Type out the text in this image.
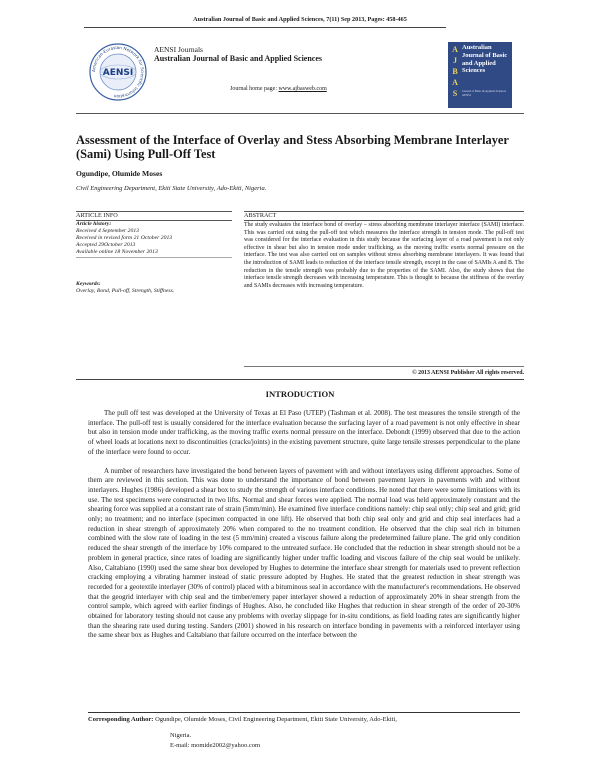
Australian Journal of Basic and Applied Sciences, 7(11) Sep 2013, Pages: 458-465
American-Eurasian Network for Scientific Information
AENSI
AENSI Journals
Australian Journal of Basic and Applied Sciences
Journal home page: www.ajbasweb.com
A
J
B
A
S
Australian Journal of Basic and Applied Sciences
Journal of Basic & Applied Sciences
AENSI
Assessment of the Interface of Overlay and Stess Absorbing Membrane Interlayer (Sami) Using Pull-Off Test
Ogundipe, Olumide Moses
Civil Engineering Department, Ekiti State University, Ado-Ekiti, Nigeria.
ARTICLE INFO	ABSTRACT
Article history:
Received 4 September 2013
Received in revised form 21 October 2013
Accepted 29October 2013
Available online 18 November 2013
Keywords:
Overlay, Bond, Pull-off, Strength, Stiffness.
The study evaluates the interface bond of overlay – stress absorbing membrane interlayer interface (SAMI) interface. This was carried out using the pull-off test which measures the interface strength in tension mode. The pull-off test was considered for the interface evaluation in this study because the surfacing layer of a road pavement is not only effective in shear but also in tension mode under trafficking, as the moving traffic exerts normal pressure on the interface. The test was also carried out on samples without stress absorbing membrane interlayers. It was found that the introduction of SAMI leads to reduction of the interface tensile strength, except in the case of SAMIs A and B. The reduction in the tensile strength was probably due to the properties of the SAMI. Also, the study shows that the interface tensile strength decreases with increasing temperature. This is thought to because the stiffness of the overlay and SAMIs decreases with increasing temperature.
© 2013 AENSI Publisher All rights reserved.
INTRODUCTION

The pull off test was developed at the University of Texas at El Paso (UTEP) (Tashman et al. 2008). The test measures the tensile strength of the interface. The pull-off test is usually considered for the interface evaluation because the surfacing layer of a road pavement is not only effective in shear but also in tension mode under trafficking, as the moving traffic exerts normal pressure on the interface. Debondt (1999) observed that due to the action of wheel loads at locations next to discontinuities (cracks/joints) in the existing pavement structure, quite large tensile stresses perpendicular to the plane of the interface were found to occur.

A number of researchers have investigated the bond between layers of pavement with and without interlayers using different approaches. Some of them are reviewed in this section. This was done to understand the importance of bond between pavement layers in pavements with and without interlayers. Hughes (1986) developed a shear box to study the strength of various interface conditions. He noted that there were some limitations with its use. The test specimens were constructed in two lifts. Normal and shear forces were applied. The normal load was held approximately constant and the shearing force was supplied at a constant rate of strain (5mm/min). He examined five interface conditions namely: chip seal only; chip seal and grid; grid only; no treatment; and no interface (specimen compacted in one lift). He observed that both chip seal only and grid and chip seal interfaces had a reduction in shear strength of approximately 20% when compared to the no treatment condition. He observed that the chip seal rich in bitumen combined with the slow rate of loading in the test (5 mm/min) created a viscous failure along the predetermined failure plane. The grid only condition reduced the shear strength of the interface by 10% compared to the untreated surface. He concluded that the reduction in shear strength should not be a problem in general practice, since rates of loading are significantly higher under traffic loading and viscous failure of the chip seal would be unlikely. Also, Caltabiano (1990) used the same shear box developed by Hughes to determine the interface shear strength for materials used to prevent reflection cracking employing a vibrating hammer instead of static pressure adopted by Hughes. He stated that the greatest reduction in shear strength was recorded for a geotextile interlayer (30% of control) placed with a bituminous seal in accordance with the manufacturer's recommendations. He observed that the geogrid interlayer with chip seal and the timber/emery paper interlayer showed a reduction of approximately 20% in shear strength from the control sample, which agreed with earlier findings of Hughes. Also, he concluded like Hughes that reduction in shear strength of the order of 20-30% obtained for laboratory testing should not cause any problems with overlay slippage for in-situ conditions, as field loading rates are significantly higher than the shearing rate used during testing. Sanders (2001) showed in his research on interface bonding in pavements with a reinforced interlayer using the same shear box as Hughes and Caltabiano that failure occurred on the interface between the

Corresponding Author: Ogundipe, Olumide Moses, Civil Engineering Department, Ekiti State University, Ado-Ekiti,
Nigeria.
E-mail: momide2002@yahoo.com
